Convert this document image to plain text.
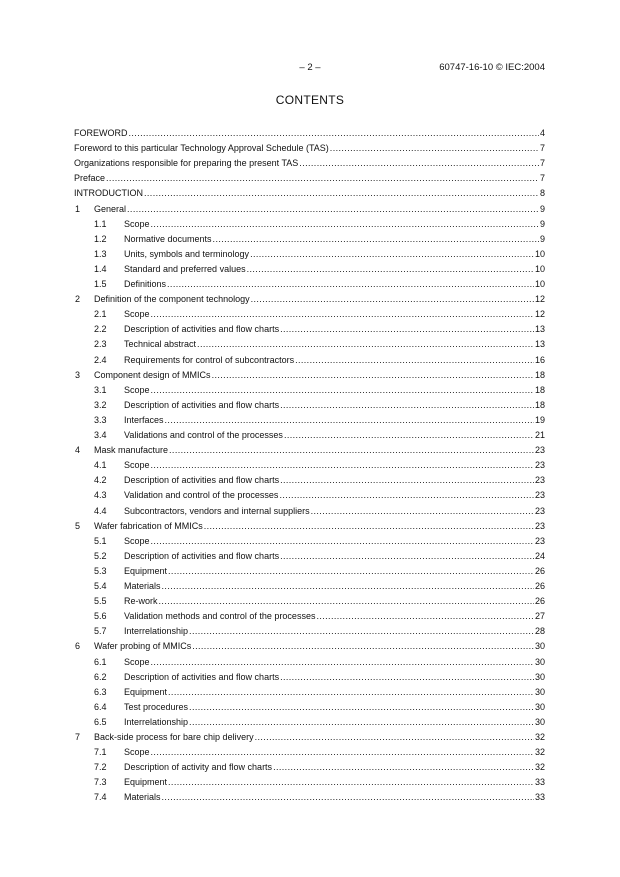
– 2 –	60747-16-10 © IEC:2004
CONTENTS
FOREWORD .....	4
Foreword to this particular Technology Approval Schedule (TAS) .....	7
Organizations responsible for preparing the present TAS .....	7
Preface .....	7
INTRODUCTION .....	8
1	General .....	9
1.1	Scope .....	9
1.2	Normative documents .....	9
1.3	Units, symbols and terminology .....	10
1.4	Standard and preferred values .....	10
1.5	Definitions .....	10
2	Definition of the component technology .....	12
2.1	Scope .....	12
2.2	Description of activities and flow charts .....	13
2.3	Technical abstract .....	13
2.4	Requirements for control of subcontractors .....	16
3	Component design of MMICs .....	18
3.1	Scope .....	18
3.2	Description of activities and flow charts .....	18
3.3	Interfaces .....	19
3.4	Validations and control of the processes .....	21
4	Mask manufacture .....	23
4.1	Scope .....	23
4.2	Description of activities and flow charts .....	23
4.3	Validation and control of the processes .....	23
4.4	Subcontractors, vendors and internal suppliers .....	23
5	Wafer fabrication of MMICs .....	23
5.1	Scope .....	23
5.2	Description of activities and flow charts .....	24
5.3	Equipment .....	26
5.4	Materials .....	26
5.5	Re-work .....	26
5.6	Validation methods and control of the processes .....	27
5.7	Interrelationship .....	28
6	Wafer probing of MMICs .....	30
6.1	Scope .....	30
6.2	Description of activities and flow charts .....	30
6.3	Equipment .....	30
6.4	Test procedures .....	30
6.5	Interrelationship .....	30
7	Back-side process for bare chip delivery .....	32
7.1	Scope .....	32
7.2	Description of activity and flow charts .....	32
7.3	Equipment .....	33
7.4	Materials .....	33
